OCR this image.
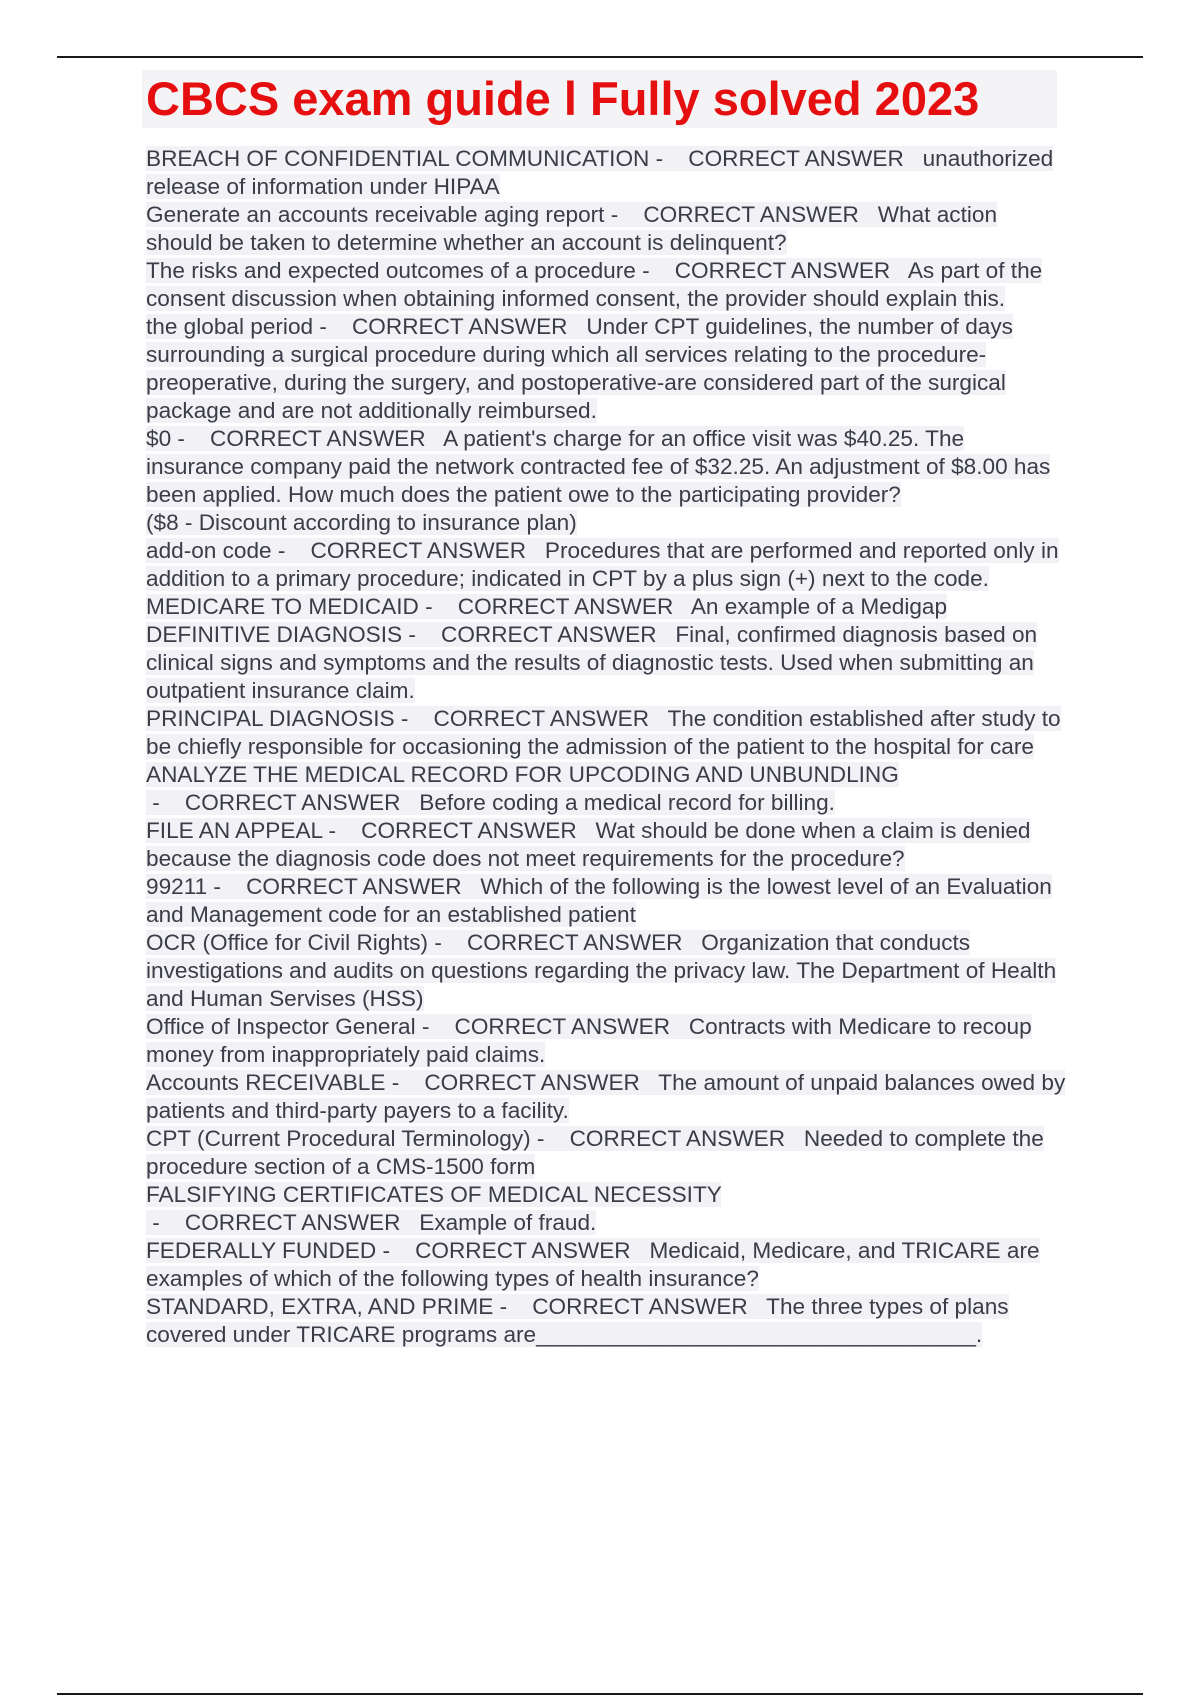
CBCS exam guide l Fully solved 2023

BREACH OF CONFIDENTIAL COMMUNICATION -    CORRECT ANSWER   unauthorized release of information under HIPAA

Generate an accounts receivable aging report -    CORRECT ANSWER   What action should be taken to determine whether an account is delinquent?

The risks and expected outcomes of a procedure -    CORRECT ANSWER   As part of the consent discussion when obtaining informed consent, the provider should explain this.

the global period -    CORRECT ANSWER   Under CPT guidelines, the number of days surrounding a surgical procedure during which all services relating to the procedure-preoperative, during the surgery, and postoperative-are considered part of the surgical package and are not additionally reimbursed.

$0 -    CORRECT ANSWER   A patient's charge for an office visit was $40.25. The insurance company paid the network contracted fee of $32.25. An adjustment of $8.00 has been applied. How much does the patient owe to the participating provider?

($8 - Discount according to insurance plan)

add-on code -    CORRECT ANSWER   Procedures that are performed and reported only in addition to a primary procedure; indicated in CPT by a plus sign (+) next to the code.

MEDICARE TO MEDICAID -    CORRECT ANSWER   An example of a Medigap

DEFINITIVE DIAGNOSIS -    CORRECT ANSWER   Final, confirmed diagnosis based on clinical signs and symptoms and the results of diagnostic tests. Used when submitting an outpatient insurance claim.

PRINCIPAL DIAGNOSIS -    CORRECT ANSWER   The condition established after study to be chiefly responsible for occasioning the admission of the patient to the hospital for care

ANALYZE THE MEDICAL RECORD FOR UPCODING AND UNBUNDLING -    CORRECT ANSWER   Before coding a medical record for billing.

FILE AN APPEAL -    CORRECT ANSWER   Wat should be done when a claim is denied because the diagnosis code does not meet requirements for the procedure?

99211 -    CORRECT ANSWER   Which of the following is the lowest level of an Evaluation and Management code for an established patient

OCR (Office for Civil Rights) -    CORRECT ANSWER   Organization that conducts investigations and audits on questions regarding the privacy law. The Department of Health and Human Servises (HSS)

Office of Inspector General -    CORRECT ANSWER   Contracts with Medicare to recoup money from inappropriately paid claims.

Accounts RECEIVABLE -    CORRECT ANSWER   The amount of unpaid balances owed by patients and third-party payers to a facility.

CPT (Current Procedural Terminology) -    CORRECT ANSWER   Needed to complete the procedure section of a CMS-1500 form

FALSIFYING CERTIFICATES OF MEDICAL NECESSITY -    CORRECT ANSWER   Example of fraud.

FEDERALLY FUNDED -    CORRECT ANSWER   Medicaid, Medicare, and TRICARE are examples of which of the following types of health insurance?

STANDARD, EXTRA, AND PRIME -    CORRECT ANSWER   The three types of plans covered under TRICARE programs are___________________________________.
